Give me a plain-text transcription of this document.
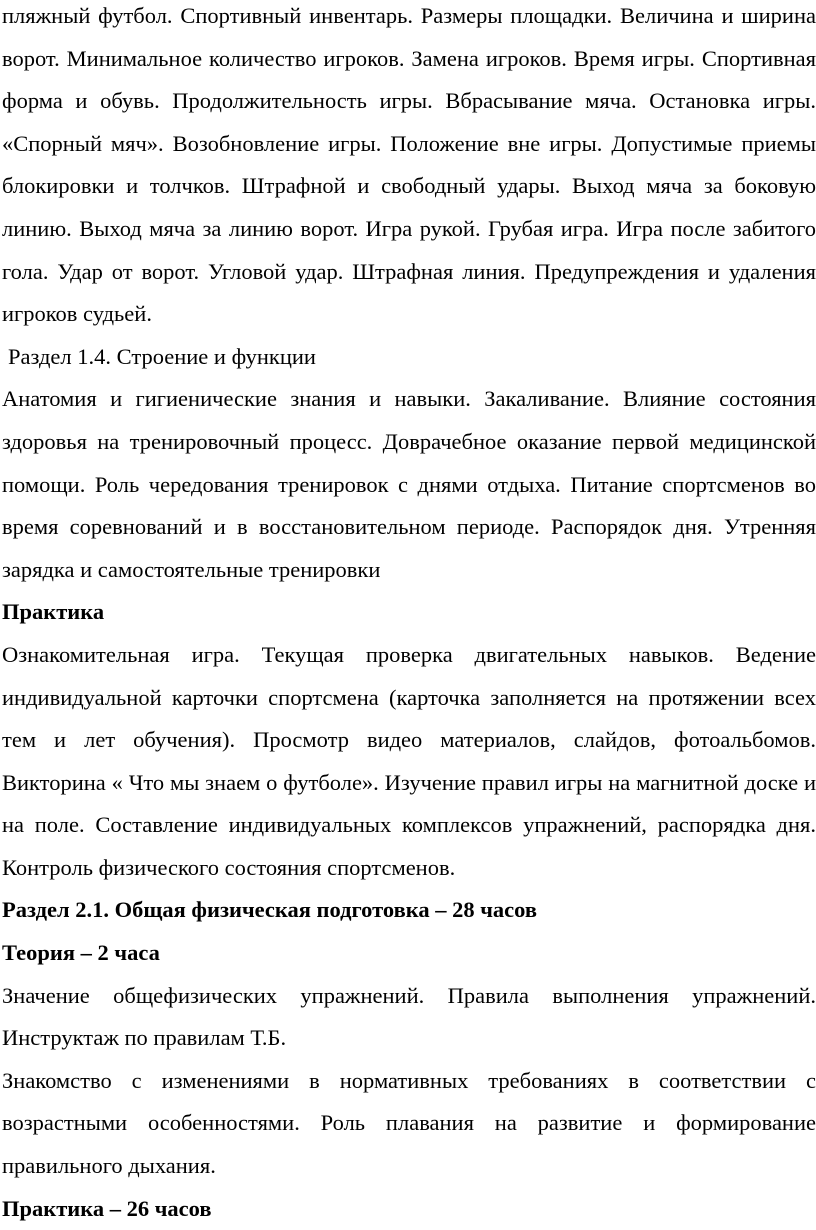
пляжный футбол. Спортивный инвентарь. Размеры площадки. Величина и ширина ворот. Минимальное количество игроков. Замена игроков. Время игры. Спортивная форма и обувь. Продолжительность игры. Вбрасывание мяча. Остановка игры. «Спорный мяч». Возобновление игры. Положение вне игры. Допустимые приемы блокировки и толчков. Штрафной и свободный удары. Выход мяча за боковую линию. Выход мяча за линию ворот. Игра рукой. Грубая игра. Игра после забитого гола. Удар от ворот. Угловой удар. Штрафная линия. Предупреждения и удаления игроков судьей.

Раздел 1.4. Строение и функции

Анатомия и гигиенические знания и навыки. Закаливание. Влияние состояния здоровья на тренировочный процесс. Доврачебное оказание первой медицинской помощи. Роль чередования тренировок с днями отдыха. Питание спортсменов во время соревнований и в восстановительном периоде. Распорядок дня. Утренняя зарядка и самостоятельные тренировки

Практика

Ознакомительная игра. Текущая проверка двигательных навыков. Ведение индивидуальной карточки спортсмена (карточка заполняется на протяжении всех тем и лет обучения). Просмотр видео материалов, слайдов, фотоальбомов. Викторина « Что мы знаем о футболе». Изучение правил игры на магнитной доске и на поле. Составление индивидуальных комплексов упражнений, распорядка дня. Контроль физического состояния спортсменов.

Раздел 2.1. Общая физическая подготовка – 28 часов

Теория – 2 часа

Значение общефизических упражнений. Правила выполнения упражнений. Инструктаж по правилам Т.Б.

Знакомство с изменениями в нормативных требованиях в соответствии с возрастными особенностями. Роль плавания на развитие и формирование правильного дыхания.

Практика – 26 часов
